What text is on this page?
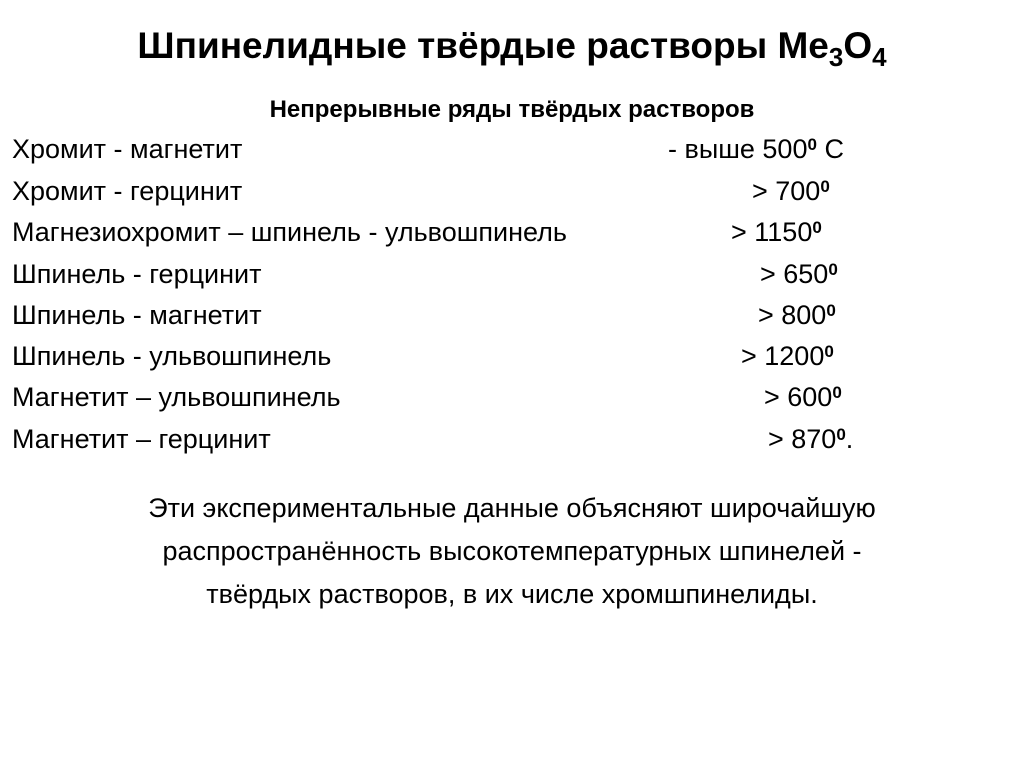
Шпинелидные твёрдые растворы $Ме_3О_4$
Непрерывные ряды твёрдых растворов
Хромит - магнетит	- выше $500^0$ С
Хромит - герцинит	> $700^0$
Магнезиохромит – шпинель - ульвошпинель	> $1150^0$
Шпинель - герцинит	> $650^0$
Шпинель - магнетит	> $800^0$
Шпинель - ульвошпинель	> $1200^0$
Магнетит – ульвошпинель	> $600^0$
Магнетит – герцинит	> $870^0$.
Эти экспериментальные данные объясняют широчайшую
распространённость высокотемпературных шпинелей -
твёрдых растворов, в их числе хромшпинелиды.
